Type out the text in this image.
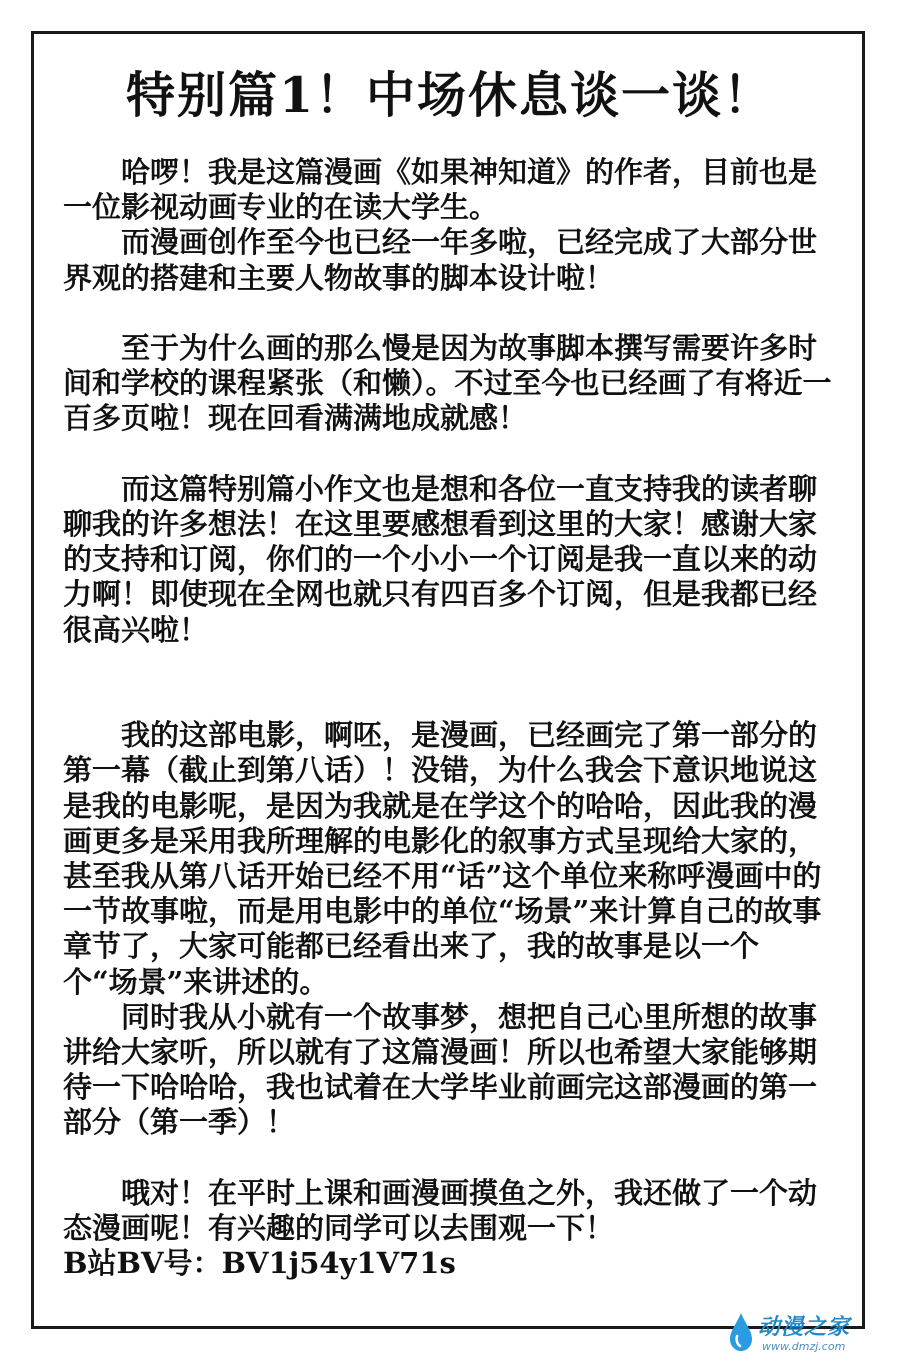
特别篇1！中场休息谈一谈！

哈啰！我是这篇漫画《如果神知道》的作者，目前也是一位影视动画专业的在读大学生。

而漫画创作至今也已经一年多啦，已经完成了大部分世界观的搭建和主要人物故事的脚本设计啦！

至于为什么画的那么慢是因为故事脚本撰写需要许多时间和学校的课程紧张（和懒）。不过至今也已经画了有将近一百多页啦！现在回看满满地成就感！

而这篇特别篇小作文也是想和各位一直支持我的读者聊聊我的许多想法！在这里要感想看到这里的大家！感谢大家的支持和订阅，你们的一个小小一个订阅是我一直以来的动力啊！即使现在全网也就只有四百多个订阅，但是我都已经很高兴啦！

我的这部电影，啊呸，是漫画，已经画完了第一部分的第一幕（截止到第八话）！没错，为什么我会下意识地说这是我的电影呢，是因为我就是在学这个的哈哈，因此我的漫画更多是采用我所理解的电影化的叙事方式呈现给大家的，甚至我从第八话开始已经不用“话”这个单位来称呼漫画中的一节故事啦，而是用电影中的单位“场景”来计算自己的故事章节了，大家可能都已经看出来了，我的故事是以一个个“场景”来讲述的。

同时我从小就有一个故事梦，想把自己心里所想的故事讲给大家听，所以就有了这篇漫画！所以也希望大家能够期待一下哈哈哈，我也试着在大学毕业前画完这部漫画的第一部分（第一季）！

哦对！在平时上课和画漫画摸鱼之外，我还做了一个动态漫画呢！有兴趣的同学可以去围观一下！

B站BV号：BV1j54y1V71s

动漫之家
www.dmzj.com
